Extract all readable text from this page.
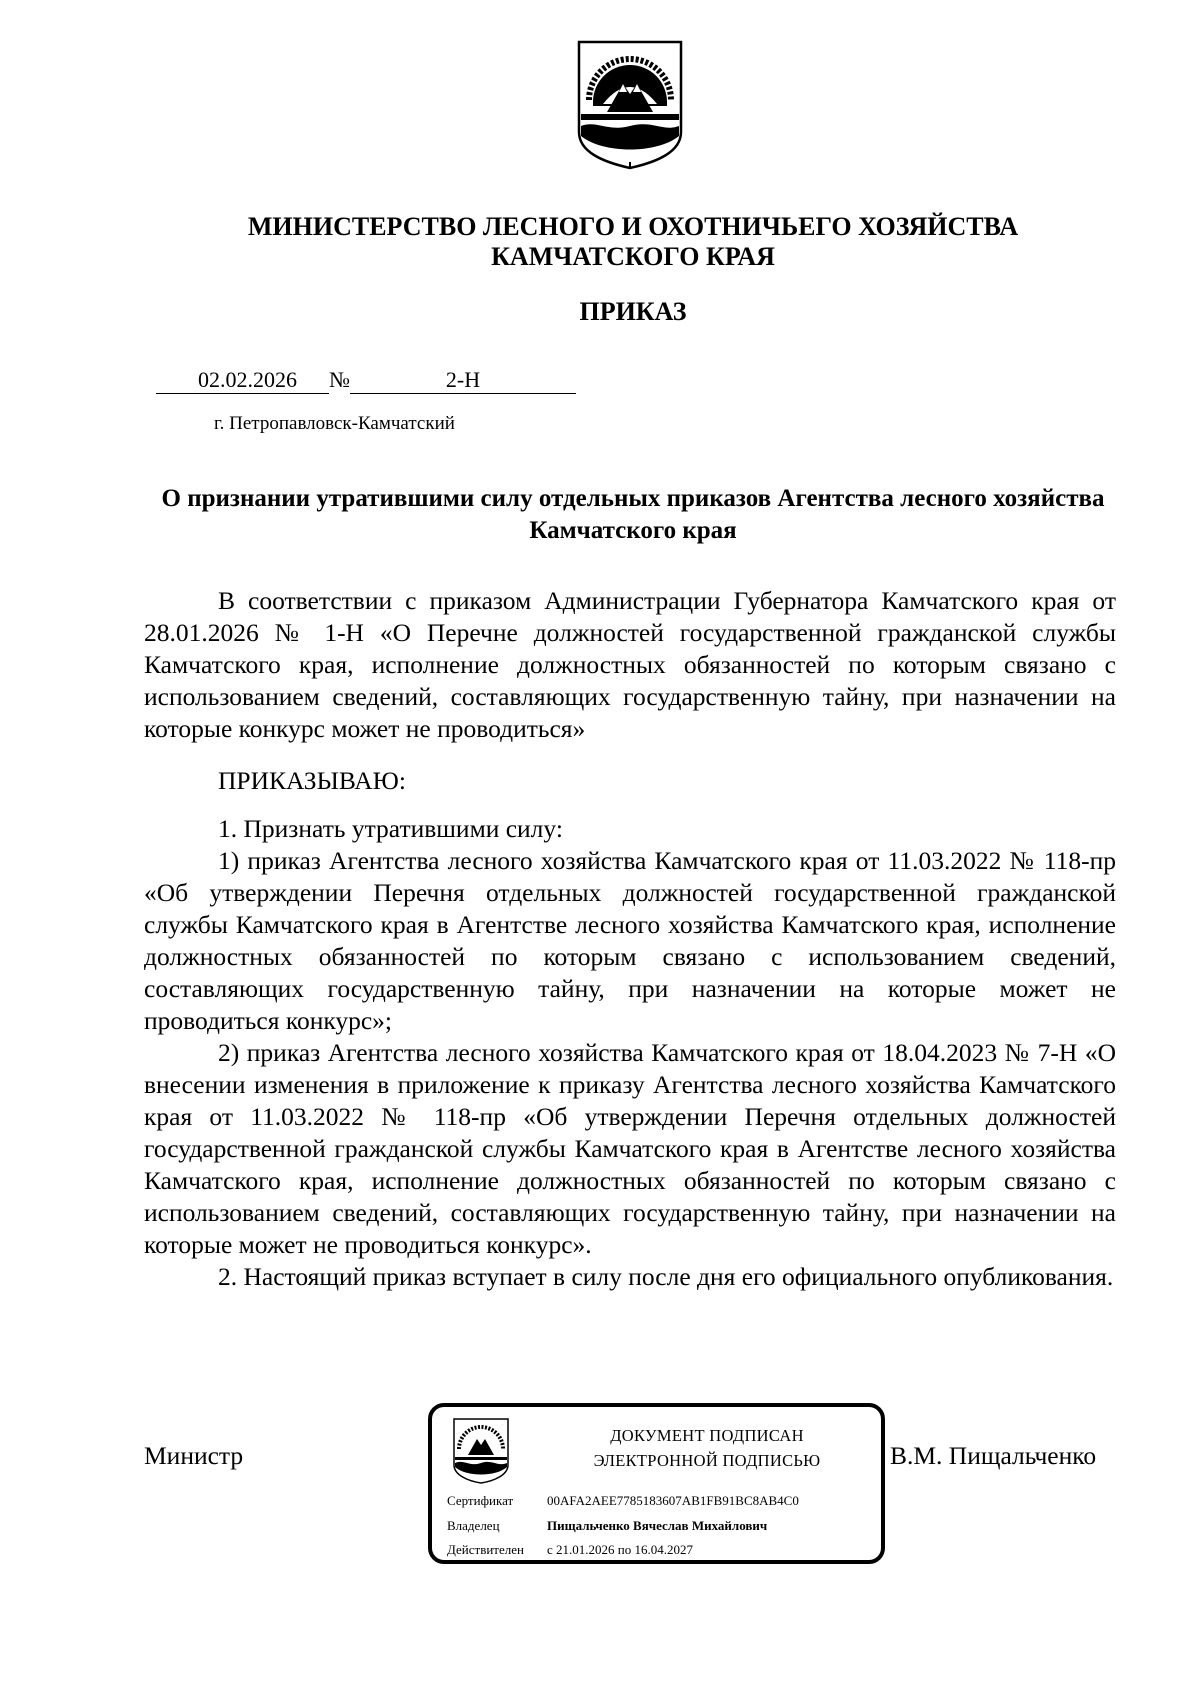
МИНИСТЕРСТВО ЛЕСНОГО И ОХОТНИЧЬЕГО ХОЗЯЙСТВА
КАМЧАТСКОГО КРАЯ
ПРИКАЗ
02.02.2026 №	2-Н
г. Петропавловск-Камчатский
О признании утратившими силу отдельных приказов Агентства лесного хозяйства Камчатского края

В соответствии с приказом Администрации Губернатора Камчатского края от 28.01.2026 № 1-Н «О Перечне должностей государственной гражданской службы Камчатского края, исполнение должностных обязанностей по которым связано с использованием сведений, составляющих государственную тайну, при назначении на которые конкурс может не проводиться»

ПРИКАЗЫВАЮ:

1. Признать утратившими силу:

1) приказ Агентства лесного хозяйства Камчатского края от 11.03.2022 № 118-пр «Об утверждении Перечня отдельных должностей государственной гражданской службы Камчатского края в Агентстве лесного хозяйства Камчатского края, исполнение должностных обязанностей по которым связано с использованием сведений, составляющих государственную тайну, при назначении на которые может не проводиться конкурс»;

2) приказ Агентства лесного хозяйства Камчатского края от 18.04.2023 № 7-Н «О внесении изменения в приложение к приказу Агентства лесного хозяйства Камчатского края от 11.03.2022 № 118-пр «Об утверждении Перечня отдельных должностей государственной гражданской службы Камчатского края в Агентстве лесного хозяйства Камчатского края, исполнение должностных обязанностей по которым связано с использованием сведений, составляющих государственную тайну, при назначении на которые может не проводиться конкурс».

2. Настоящий приказ вступает в силу после дня его официального опубликования.

Министр	В.М. Пищальченко
ДОКУМЕНТ ПОДПИСАН
ЭЛЕКТРОННОЙ ПОДПИСЬЮ
Сертификат	00AFA2AEE7785183607AB1FB91BC8AB4C0
Владелец	Пищальченко Вячеслав Михайлович
Действителен с 21.01.2026 по 16.04.2027
